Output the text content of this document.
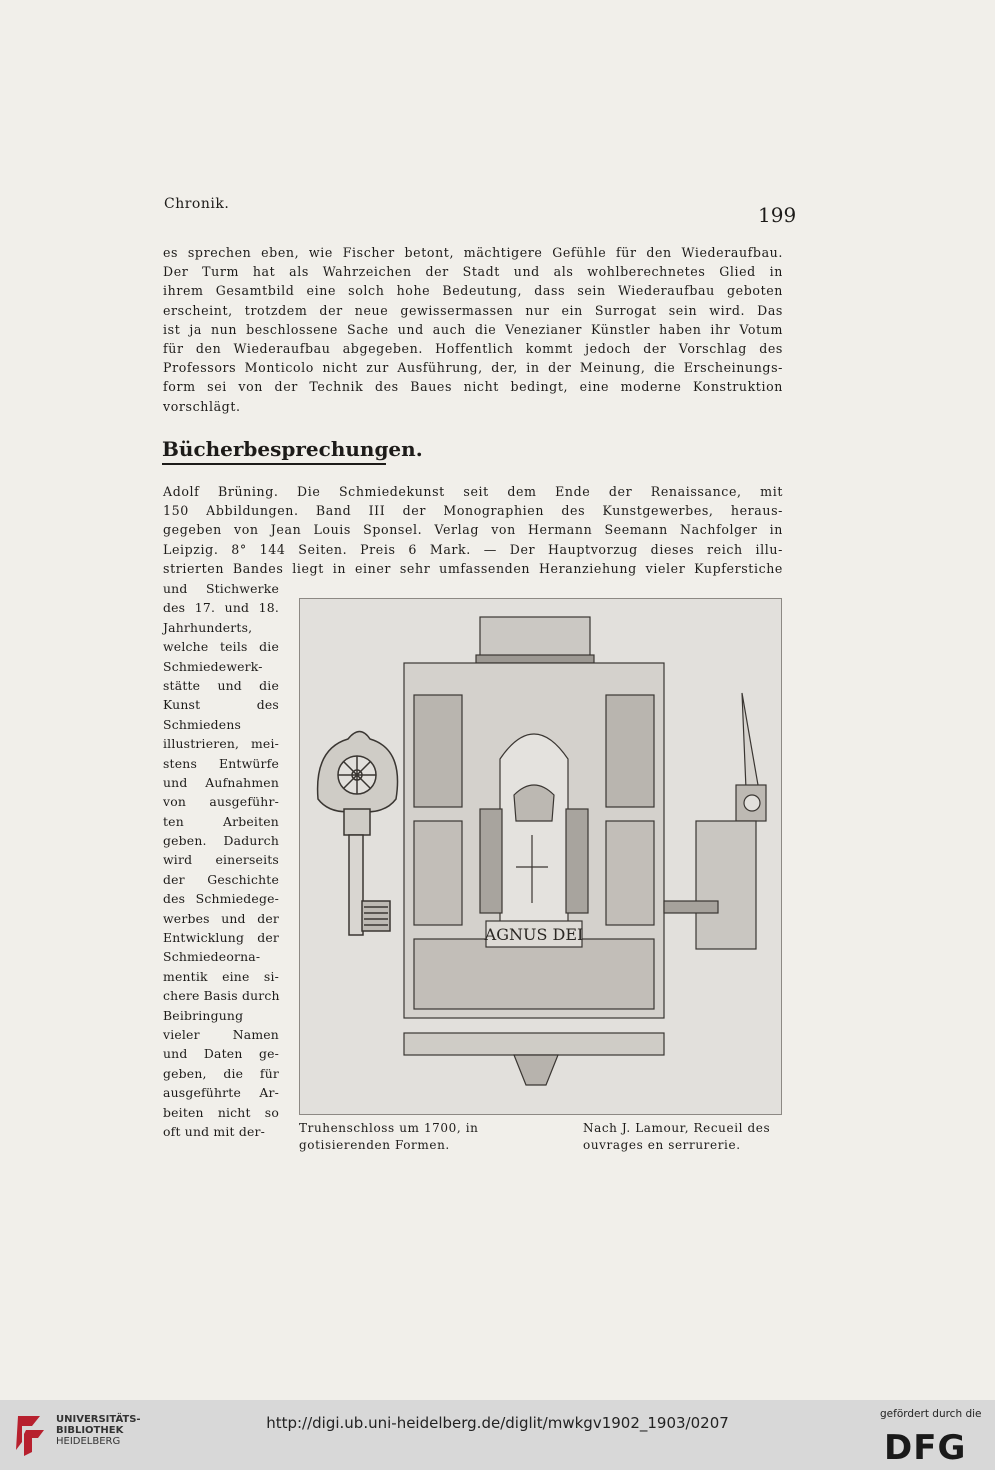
Chronik.	199
es sprechen eben, wie Fischer betont, mächtigere Gefühle für den Wiederaufbau.
Der Turm hat als Wahrzeichen der Stadt und als wohlberechnetes Glied in
ihrem Gesamtbild eine solch hohe Bedeutung, dass sein Wiederaufbau geboten
erscheint, trotzdem der neue gewissermassen nur ein Surrogat sein wird. Das
ist ja nun beschlossene Sache und auch die Venezianer Künstler haben ihr Votum
für den Wiederaufbau abgegeben. Hoffentlich kommt jedoch der Vorschlag des
Professors Monticolo nicht zur Ausführung, der, in der Meinung, die Erscheinungs-
form sei von der Technik des Baues nicht bedingt, eine moderne Konstruktion
vorschlägt.
Bücherbesprechungen.
Adolf Brüning. Die Schmiedekunst seit dem Ende der Renaissance, mit
150 Abbildungen. Band III der Monographien des Kunstgewerbes, heraus-
gegeben von Jean Louis Sponsel. Verlag von Hermann Seemann Nachfolger in
Leipzig. 8° 144 Seiten. Preis 6 Mark. — Der Hauptvorzug dieses reich illu-
strierten Bandes liegt in einer sehr umfassenden Heranziehung vieler Kupferstiche
und Stichwerke
des 17. und 18.
Jahrhunderts,
welche teils die
Schmiedewerk-
stätte und die
Kunst des
Schmiedens
illustrieren, mei-
stens Entwürfe
und Aufnahmen
von ausgeführ-
ten Arbeiten
geben. Dadurch
wird einerseits
der Geschichte
des Schmiedege-
werbes und der
Entwicklung der
Schmiedeorna-
mentik eine si-
chere Basis durch
Beibringung
vieler Namen
und Daten ge-
geben, die für
ausgeführte Ar-
beiten nicht so
oft und mit der-
AGNUS DEI
Truhenschloss um 1700, in gotisierenden Formen.
Nach J. Lamour, Recueil des ouvrages en serrurerie.
UNIVERSITÄTS-
BIBLIOTHEK
HEIDELBERG
http://digi.ub.uni-heidelberg.de/diglit/mwkgv1902_1903/0207	gefördert durch die
DFG
